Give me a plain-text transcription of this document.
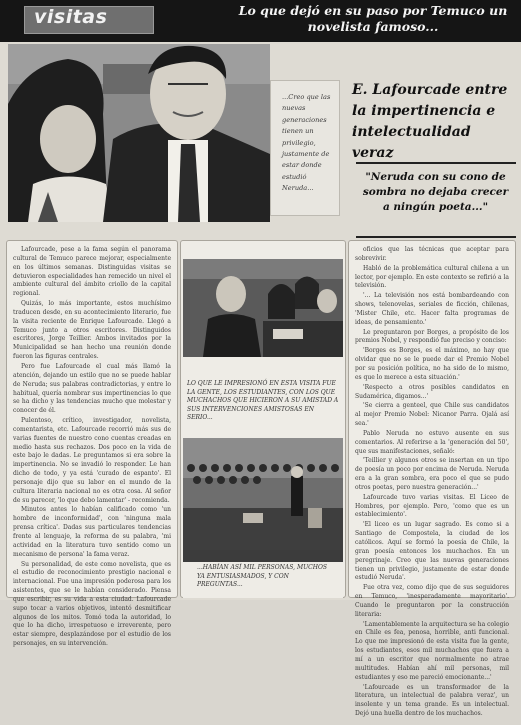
visitas	Lo que dejó en su paso por Temuco un novelista famoso...
...Creo que las nuevas generaciones tienen un privilegio, justamente de estar donde estudió Neruda...
E. Lafourcade entre la impertinencia e intelectualidad veraz
"Neruda con su cono de sombra no dejaba crecer a ningún poeta..."

Lafourcade, pese a la fama según el panorama cultural de Temuco parece mejorar, especialmente en los últimos semanas. Distinguidas visitas se detuvieron especialidades han remecido un nivel el ambiente cultural del ámbito criollo de la capital regional.

Quizás, lo más importante, estos muchísimo traducen desde, en su acontecimiento literario, fue la visita reciente de Enrique Lafourcade. Llegó a Temuco junto a otros escritores. Distinguidos escritores, Jorge Teillier. Ambos invitados por la Municipalidad se han hecho una reunión donde fueron las figuras centrales.

Pero fue Lafourcade el cual más llamó la atención, dejando un estilo que no se puede hablar de Neruda; sus palabras contradictorias, y entre lo habitual, quería nombrar sus impertinencias lo que se ha dicho y las tendencias mucho que molestar y conocer de él.

Pulentoso, crítico, investigador, novelista, comentarista, etc. Lafourcade recorrió más sus de varias fuentes de nuestro cono cuentas creadas en medio hasta sus rechazos. Dos poco en la vida de este bajo le dadas. Le preguntamos si era sobre la impertinencia. No se invadió lo responder. Le han dicho de todo, y ya está 'curado de espanto'. El personaje dijo que su labor en el mundo de la cultura literaria nacional no es otra cosa. Al señor de su parecer, 'lo que debo lamentar' - recomienda.

Minutos antes lo habían calificado como 'un hombre de inconformidad', con 'ninguna mala prensa crítica'. Dadas sus particulares tendencias frente al lenguaje, la reforma de su palabra, 'mi actividad en la literatura tuvo sentido como un mecanismo de persona' la fama veraz.

Su personalidad, de este como novelista, que es el estudio de reconocimiento prestigio nacional e internacional. Fue una impresión poderosa para los asistentes, que se le habían considerado. Piensa que escribir, es su vida a esta ciudad. Lafourcade supo tocar a varios objetivos, intentó desmitificar algunos de los mitos. Tomó toda la autoridad, lo que lo ha dicho, irrespetuoso e irreverente, pero estar siempre, desplazándose por el estudio de los personajes, en su intervención.

LO QUE LE IMPRESIONÓ EN ESTA VISITA FUE LA GENTE, LOS ESTUDIANTES, CON LOS QUE MUCHACHOS QUE HICIERON A SU AMISTAD A SUS INTERVENCIONES AMISTOSAS EN SERIO...
...HABÍAN ASÍ MIL PERSONAS, MUCHOS YA ENTUSIASMADOS, Y CON PREGUNTAS...

oficios que las técnicas que aceptar para sobrevivir.

Habló de la problemática cultural chilena a un lector, por ejemplo. En este contexto se refirió a la televisión.

'... La televisión nos está bombardeando con shows, telenovelas, seriales de ficción, chilenas, 'Mister Chile, etc. Hacer falta programas de ideas, de pensamiento.'

Le preguntaron por Borges, a propósito de los premios Nobel, y respondió fue preciso y conciso:

'Borges es Borges, es el máximo, no hay que olvidar que no se le puede dar el Premio Nobel por su posición política, no ha sido de lo mismo, es que lo merece a esta situación.'

'Respecto a otros posibles candidatos en Sudamérica, digamos...'

'Se cierra a genteel, que Chile sus candidatos al mejor Premio Nobel: Nicanor Parra. Ojalá así sea.'

Pablo Neruda no estuvo ausente en sus comentarios. Al referirse a la 'generación del 50', que sus manifestaciones, señaló:

'Teillier y algunos otros se insertan en un tipo de poesía un poco por encima de Neruda. Neruda era a la gran sombra, era poco el que se pudo otros poetas, pero nuestra generación...'

Lafourcade tuvo varias visitas. El Liceo de Hombres, por ejemplo. Pero, 'como que es un establecimiento'.

'El liceo es un lugar sagrado. Es como si a Santiago de Compostela, la ciudad de los católicos. Aquí se formó la poesía de Chile, la gran poesía entonces los muchachos. En un peregrinaje. Creo que las nuevas generaciones tienen un privilegio, justamente de estar donde estudió Neruda'.

Fue otra vez, como dijo que de sus seguidores en Temuco, 'inesperadamente mayoritario'. Cuando le preguntaron por la construcción literaria:

'Lamentablemente la arquitectura se ha colegio en Chile es fea, penosa, horrible, anti funcional. Lo que me impresionó de esta visita fue la gente, los estudiantes, esos mil muchachos que fuera a mí a un escritor que normalmente no atrae multitudes. Habían ahí mil personas, mil estudiantes y eso me pareció emocionante...'

'Lafourcade es un transformador de la literatura, un intelectual de palabra veraz', un insolente y un tema grande. Es un intelectual. Dejó una huella dentro de los muchachos.
